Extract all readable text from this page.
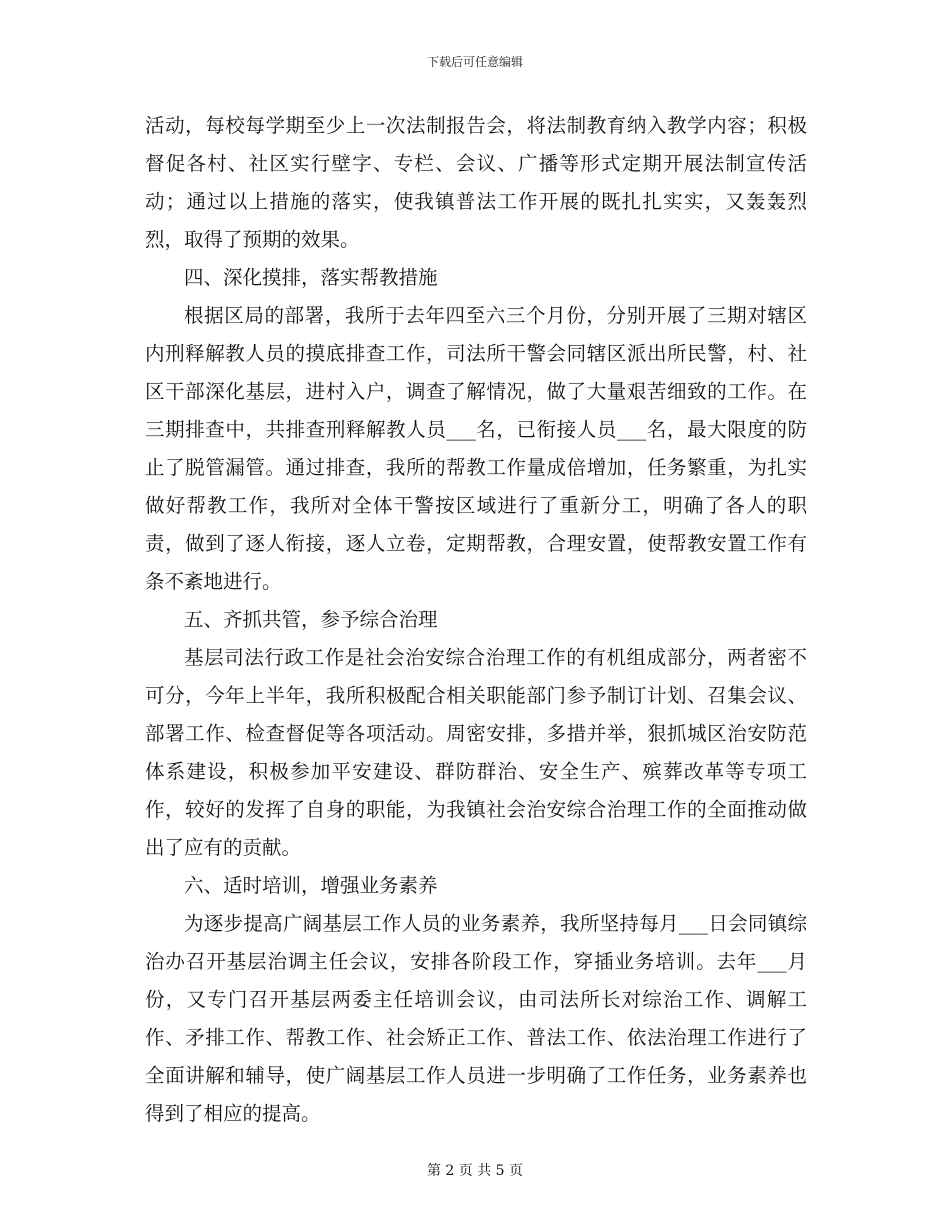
下载后可任意编辑

活动，每校每学期至少上一次法制报告会，将法制教育纳入教学内容；积极督促各村、社区实行壁字、专栏、会议、广播等形式定期开展法制宣传活动；通过以上措施的落实，使我镇普法工作开展的既扎扎实实，又轰轰烈烈，取得了预期的效果。

四、深化摸排，落实帮教措施

根据区局的部署，我所于去年四至六三个月份，分别开展了三期对辖区内刑释解教人员的摸底排查工作，司法所干警会同辖区派出所民警，村、社区干部深化基层，进村入户，调查了解情况，做了大量艰苦细致的工作。在三期排查中，共排查刑释解教人员___名，已衔接人员___名，最大限度的防止了脱管漏管。通过排查，我所的帮教工作量成倍增加，任务繁重，为扎实做好帮教工作，我所对全体干警按区域进行了重新分工，明确了各人的职责，做到了逐人衔接，逐人立卷，定期帮教，合理安置，使帮教安置工作有条不紊地进行。

五、齐抓共管，参予综合治理

基层司法行政工作是社会治安综合治理工作的有机组成部分，两者密不可分，今年上半年，我所积极配合相关职能部门参予制订计划、召集会议、部署工作、检查督促等各项活动。周密安排，多措并举，狠抓城区治安防范体系建设，积极参加平安建设、群防群治、安全生产、殡葬改革等专项工作，较好的发挥了自身的职能，为我镇社会治安综合治理工作的全面推动做出了应有的贡献。

六、适时培训，增强业务素养

为逐步提高广阔基层工作人员的业务素养，我所坚持每月___日会同镇综治办召开基层治调主任会议，安排各阶段工作，穿插业务培训。去年___月份，又专门召开基层两委主任培训会议，由司法所长对综治工作、调解工作、矛排工作、帮教工作、社会矫正工作、普法工作、依法治理工作进行了全面讲解和辅导，使广阔基层工作人员进一步明确了工作任务，业务素养也得到了相应的提高。

第 2 页 共 5 页
